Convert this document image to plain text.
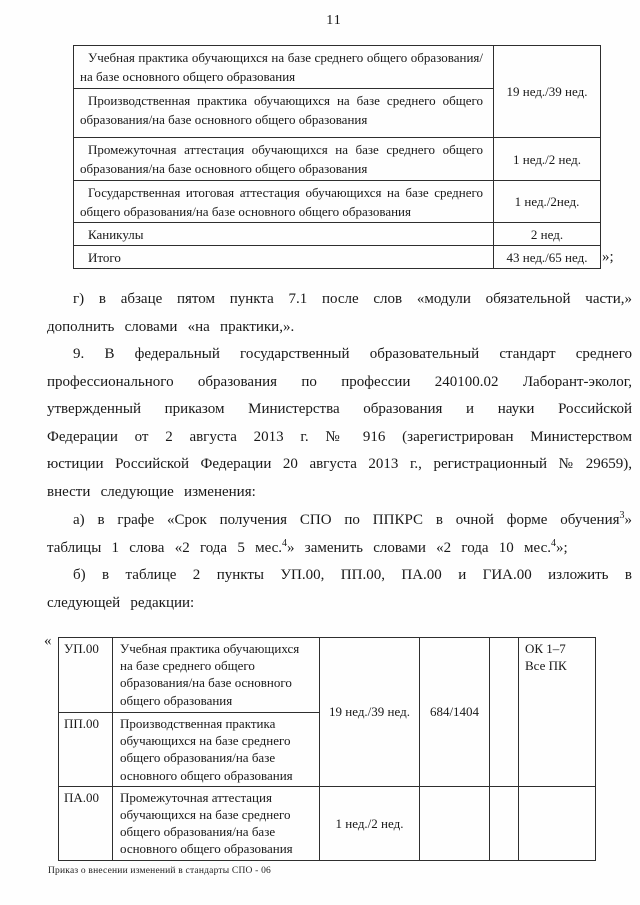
11
Учебная практика обучающихся на базе среднего общего образования/на базе основного общего образования	19 нед./39 нед.
Производственная практика обучающихся на базе среднего общего образования/на базе основного общего образования	
Промежуточная аттестация обучающихся на базе среднего общего образования/на базе основного общего образования	1 нед./2 нед.
Государственная итоговая аттестация обучающихся на базе среднего общего образования/на базе основного общего образования	1 нед./2нед.
Каникулы	2 нед.
Итого	43 нед./65 нед. »;

г) в абзаце пятом пункта 7.1 после слов «модули обязательной части,» дополнить словами «на практики,».

9. В федеральный государственный образовательный стандарт среднего профессионального образования по профессии 240100.02 Лаборант-эколог, утвержденный приказом Министерства образования и науки Российской Федерации от 2 августа 2013 г. № 916 (зарегистрирован Министерством юстиции Российской Федерации 20 августа 2013 г., регистрационный № 29659), внести следующие изменения:

а) в графе «Срок получения СПО по ППКРС в очной форме обучения$^3$» таблицы 1 слова «2 года 5 мес.$^4$» заменить словами «2 года 10 мес.$^4$»;

б) в таблице 2 пункты УП.00, ПП.00, ПА.00 и ГИА.00 изложить в следующей редакции:

« УП.00	Учебная практика обучающихся на базе среднего общего образования/на базе основного общего образования	19 нед./39 нед.	684/1404		ОК 1–7
Все ПК

ПП.00	Производственная практика обучающихся на базе среднего общего образования/на базе основного общего образования				
ПА.00	Промежуточная аттестация обучающихся на базе среднего общего образования/на базе основного общего образования	1 нед./2 нед.			
Приказ о внесении изменений в стандарты СПО - 06
